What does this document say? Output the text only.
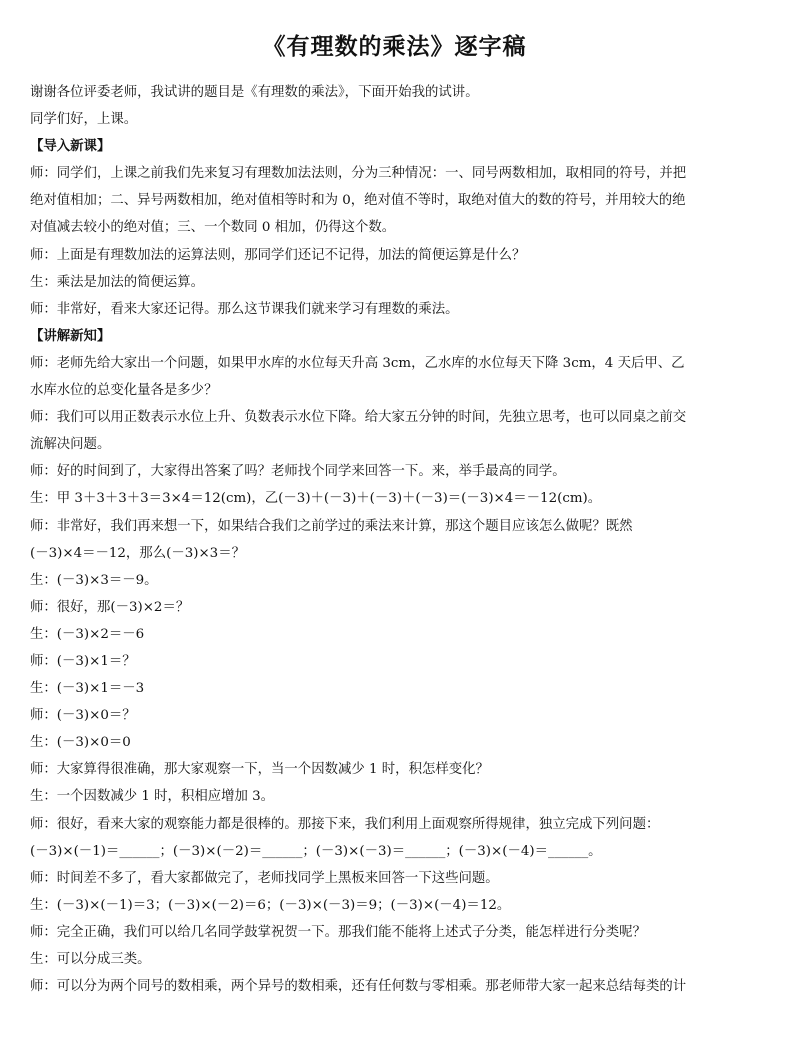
《有理数的乘法》逐字稿
谢谢各位评委老师，我试讲的题目是《有理数的乘法》，下面开始我的试讲。
同学们好，上课。
【导入新课】
师：同学们，上课之前我们先来复习有理数加法法则，分为三种情况：一、同号两数相加，取相同的符号，并把
绝对值相加；二、异号两数相加，绝对值相等时和为 0，绝对值不等时，取绝对值大的数的符号，并用较大的绝
对值减去较小的绝对值；三、一个数同 0 相加，仍得这个数。
师：上面是有理数加法的运算法则，那同学们还记不记得，加法的简便运算是什么？
生：乘法是加法的简便运算。
师：非常好，看来大家还记得。那么这节课我们就来学习有理数的乘法。
【讲解新知】
师：老师先给大家出一个问题，如果甲水库的水位每天升高 3cm，乙水库的水位每天下降 3cm，4 天后甲、乙
水库水位的总变化量各是多少？
师：我们可以用正数表示水位上升、负数表示水位下降。给大家五分钟的时间，先独立思考，也可以同桌之前交
流解决问题。
师：好的时间到了，大家得出答案了吗？老师找个同学来回答一下。来，举手最高的同学。
生：甲 3＋3＋3＋3＝3×4＝12(cm)，乙(－3)＋(－3)＋(－3)＋(－3)＝(－3)×4＝－12(cm)。
师：非常好，我们再来想一下，如果结合我们之前学过的乘法来计算，那这个题目应该怎么做呢？既然
(－3)×4＝－12，那么(－3)×3＝？
生：(－3)×3＝－9。
师：很好，那(－3)×2＝？
生：(－3)×2＝－6
师：(－3)×1＝？
生：(－3)×1＝－3
师：(－3)×0＝？
生：(－3)×0＝0
师：大家算得很准确，那大家观察一下，当一个因数减少 1 时，积怎样变化？
生：一个因数减少 1 时，积相应增加 3。
师：很好，看来大家的观察能力都是很棒的。那接下来，我们利用上面观察所得规律，独立完成下列问题：
(－3)×(－1)＝______；(－3)×(－2)＝______；(－3)×(－3)＝______；(－3)×(－4)＝______。
师：时间差不多了，看大家都做完了，老师找同学上黑板来回答一下这些问题。
生：(－3)×(－1)＝3；(－3)×(－2)＝6；(－3)×(－3)＝9；(－3)×(－4)＝12。
师：完全正确，我们可以给几名同学鼓掌祝贺一下。那我们能不能将上述式子分类，能怎样进行分类呢？
生：可以分成三类。
师：可以分为两个同号的数相乘，两个异号的数相乘，还有任何数与零相乘。那老师带大家一起来总结每类的计
